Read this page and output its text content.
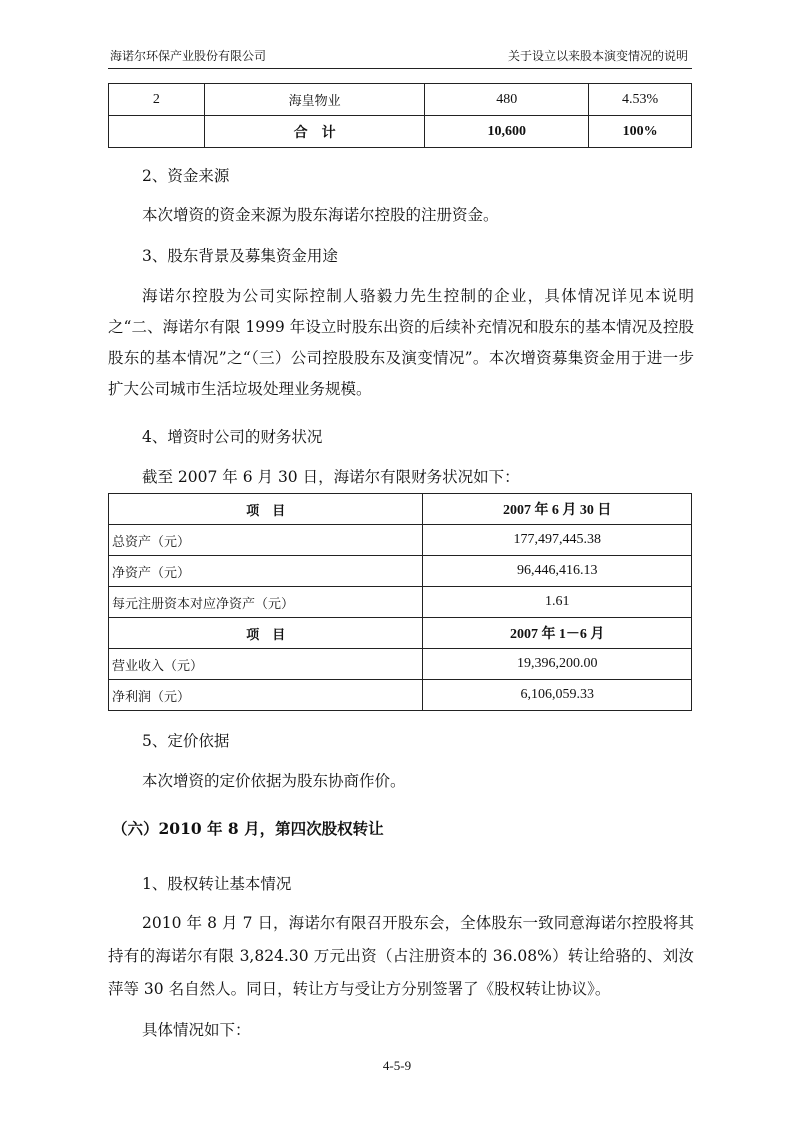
海诺尔环保产业股份有限公司	关于设立以来股本演变情况的说明
2	海皇物业	480	4.53%
	合　计	10,600	100%
2、资金来源
本次增资的资金来源为股东海诺尔控股的注册资金。
3、股东背景及募集资金用途
海诺尔控股为公司实际控制人骆毅力先生控制的企业，具体情况详见本说明之“二、海诺尔有限 1999 年设立时股东出资的后续补充情况和股东的基本情况及控股股东的基本情况”之“（三）公司控股股东及演变情况”。本次增资募集资金用于进一步扩大公司城市生活垃圾处理业务规模。
4、增资时公司的财务状况
截至 2007 年 6 月 30 日，海诺尔有限财务状况如下：
项　目	2007 年 6 月 30 日
总资产（元）	177,497,445.38
净资产（元）	96,446,416.13
每元注册资本对应净资产（元）	1.61
项　目	2007 年 1－6 月
营业收入（元）	19,396,200.00
净利润（元）	6,106,059.33
5、定价依据
本次增资的定价依据为股东协商作价。
（六）2010 年 8 月，第四次股权转让
1、股权转让基本情况
2010 年 8 月 7 日，海诺尔有限召开股东会，全体股东一致同意海诺尔控股将其持有的海诺尔有限 3,824.30 万元出资（占注册资本的 36.08%）转让给骆的、刘汝萍等 30 名自然人。同日，转让方与受让方分别签署了《股权转让协议》。
具体情况如下：
4-5-9
